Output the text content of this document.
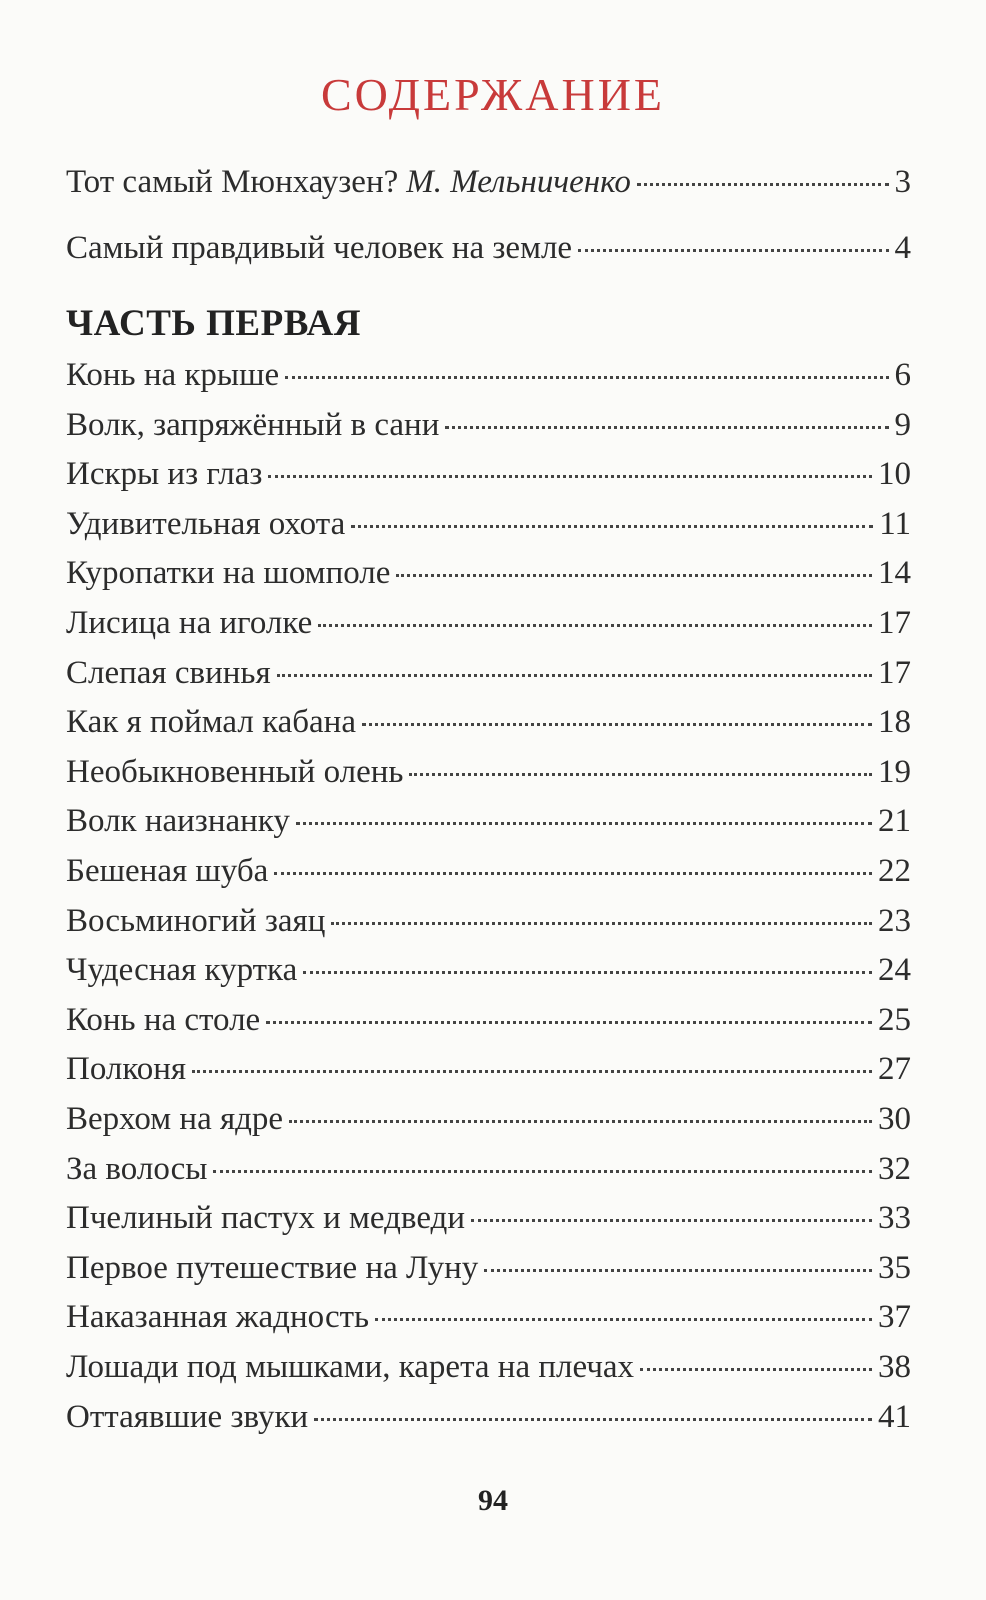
СОДЕРЖАНИЕ
Тот самый Мюнхаузен? М. Мельниченко	3
Самый правдивый человек на земле	4
ЧАСТЬ ПЕРВАЯ
Конь на крыше	6
Волк, запряжённый в сани	9
Искры из глаз	10
Удивительная охота	11
Куропатки на шомполе	14
Лисица на иголке	17
Слепая свинья	17
Как я поймал кабана	18
Необыкновенный олень	19
Волк наизнанку	21
Бешеная шуба	22
Восьминогий заяц	23
Чудесная куртка	24
Конь на столе	25
Полконя	27
Верхом на ядре	30
За волосы	32
Пчелиный пастух и медведи	33
Первое путешествие на Луну	35
Наказанная жадность	37
Лошади под мышками, карета на плечах	38
Оттаявшие звуки	41
94
